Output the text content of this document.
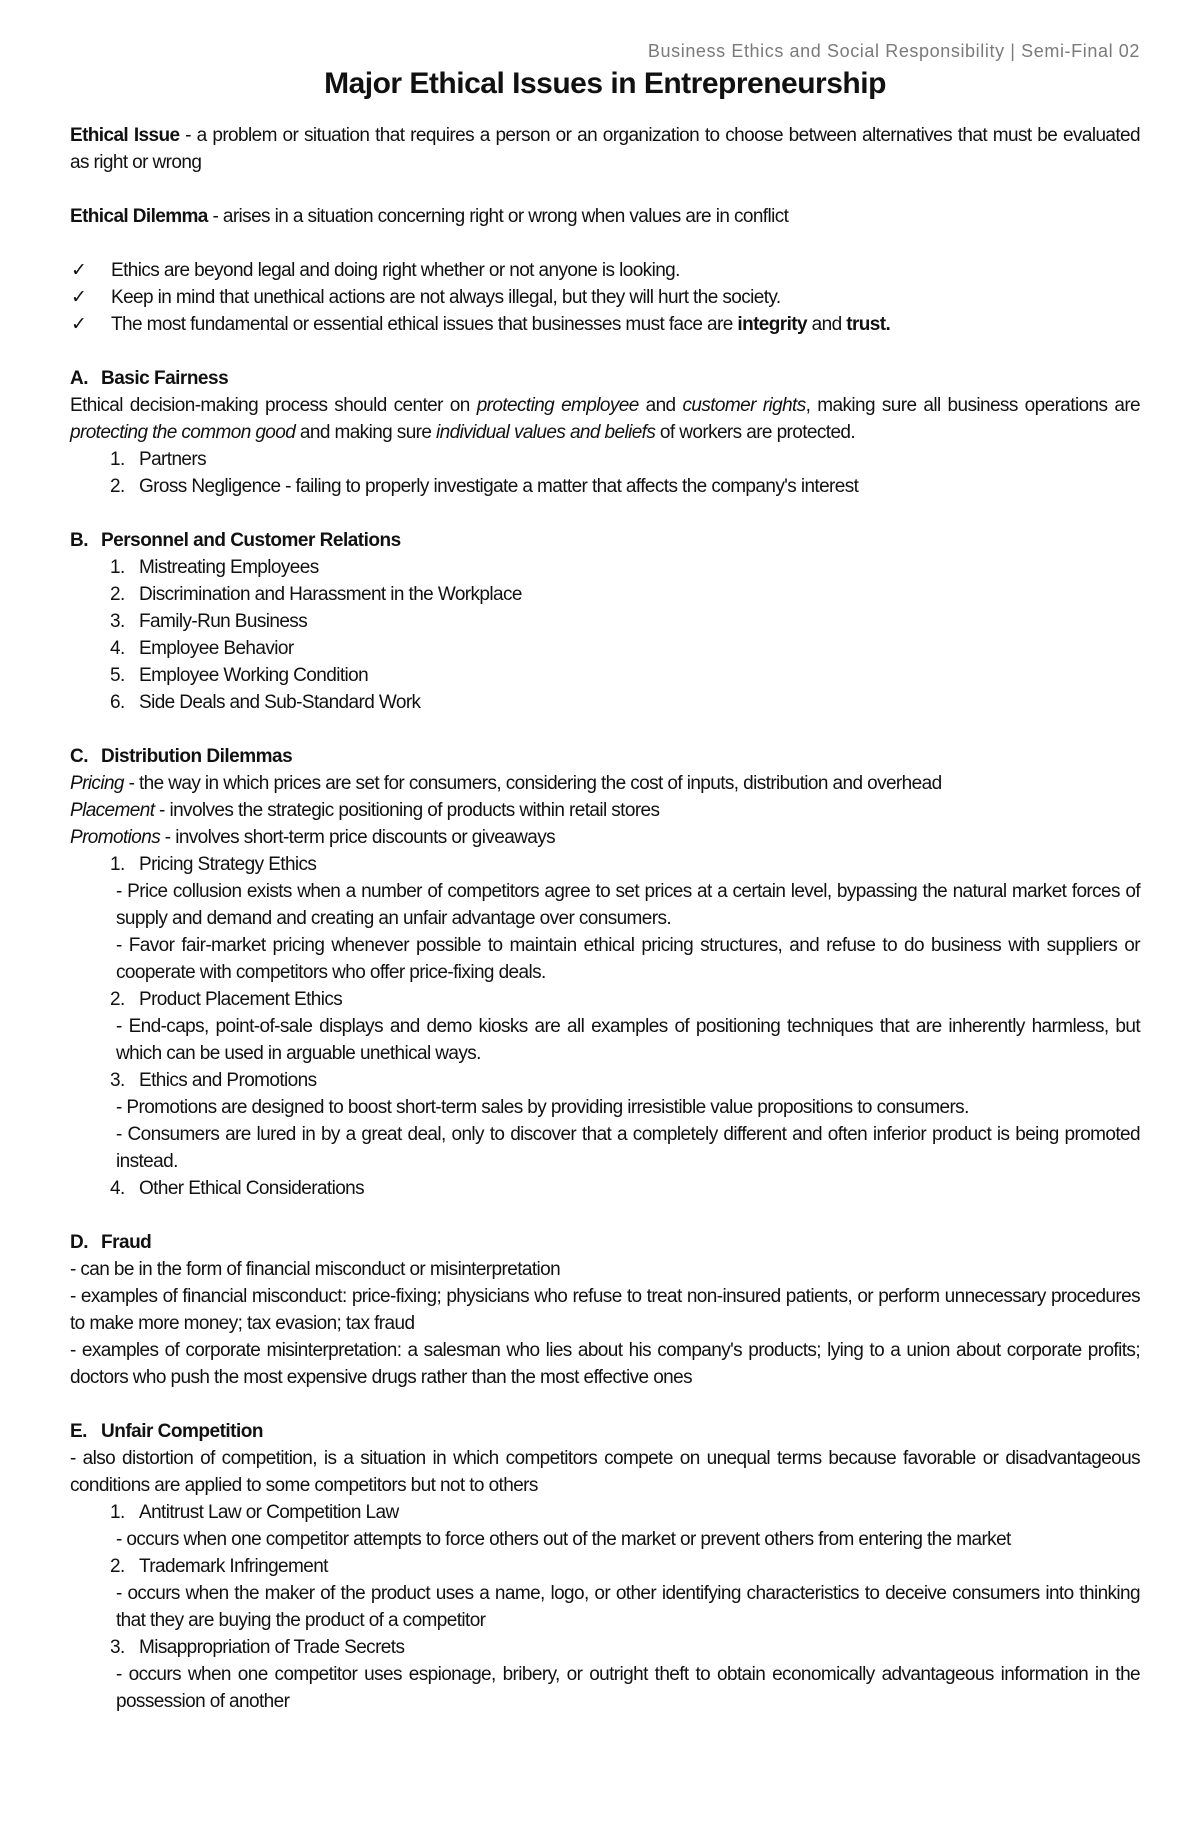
Business Ethics and Social Responsibility | Semi-Final 02
Major Ethical Issues in Entrepreneurship
Ethical Issue - a problem or situation that requires a person or an organization to choose between alternatives that must be evaluated as right or wrong
Ethical Dilemma - arises in a situation concerning right or wrong when values are in conflict
✓ Ethics are beyond legal and doing right whether or not anyone is looking.
✓ Keep in mind that unethical actions are not always illegal, but they will hurt the society.
✓ The most fundamental or essential ethical issues that businesses must face are integrity and trust.
A. Basic Fairness
Ethical decision-making process should center on protecting employee and customer rights, making sure all business operations are protecting the common good and making sure individual values and beliefs of workers are protected.
1. Partners
2. Gross Negligence - failing to properly investigate a matter that affects the company's interest
B. Personnel and Customer Relations
1. Mistreating Employees
2. Discrimination and Harassment in the Workplace
3. Family-Run Business
4. Employee Behavior
5. Employee Working Condition
6. Side Deals and Sub-Standard Work
C. Distribution Dilemmas
Pricing - the way in which prices are set for consumers, considering the cost of inputs, distribution and overhead
Placement - involves the strategic positioning of products within retail stores
Promotions - involves short-term price discounts or giveaways
1. Pricing Strategy Ethics
- Price collusion exists when a number of competitors agree to set prices at a certain level, bypassing the natural market forces of supply and demand and creating an unfair advantage over consumers.
- Favor fair-market pricing whenever possible to maintain ethical pricing structures, and refuse to do business with suppliers or cooperate with competitors who offer price-fixing deals.
2. Product Placement Ethics
- End-caps, point-of-sale displays and demo kiosks are all examples of positioning techniques that are inherently harmless, but which can be used in arguable unethical ways.
3. Ethics and Promotions
- Promotions are designed to boost short-term sales by providing irresistible value propositions to consumers.
- Consumers are lured in by a great deal, only to discover that a completely different and often inferior product is being promoted instead.
4. Other Ethical Considerations
D. Fraud
- can be in the form of financial misconduct or misinterpretation
- examples of financial misconduct: price-fixing; physicians who refuse to treat non-insured patients, or perform unnecessary procedures to make more money; tax evasion; tax fraud
- examples of corporate misinterpretation: a salesman who lies about his company's products; lying to a union about corporate profits; doctors who push the most expensive drugs rather than the most effective ones
E. Unfair Competition
- also distortion of competition, is a situation in which competitors compete on unequal terms because favorable or disadvantageous conditions are applied to some competitors but not to others
1. Antitrust Law or Competition Law
- occurs when one competitor attempts to force others out of the market or prevent others from entering the market
2. Trademark Infringement
- occurs when the maker of the product uses a name, logo, or other identifying characteristics to deceive consumers into thinking that they are buying the product of a competitor
3. Misappropriation of Trade Secrets
- occurs when one competitor uses espionage, bribery, or outright theft to obtain economically advantageous information in the possession of another
